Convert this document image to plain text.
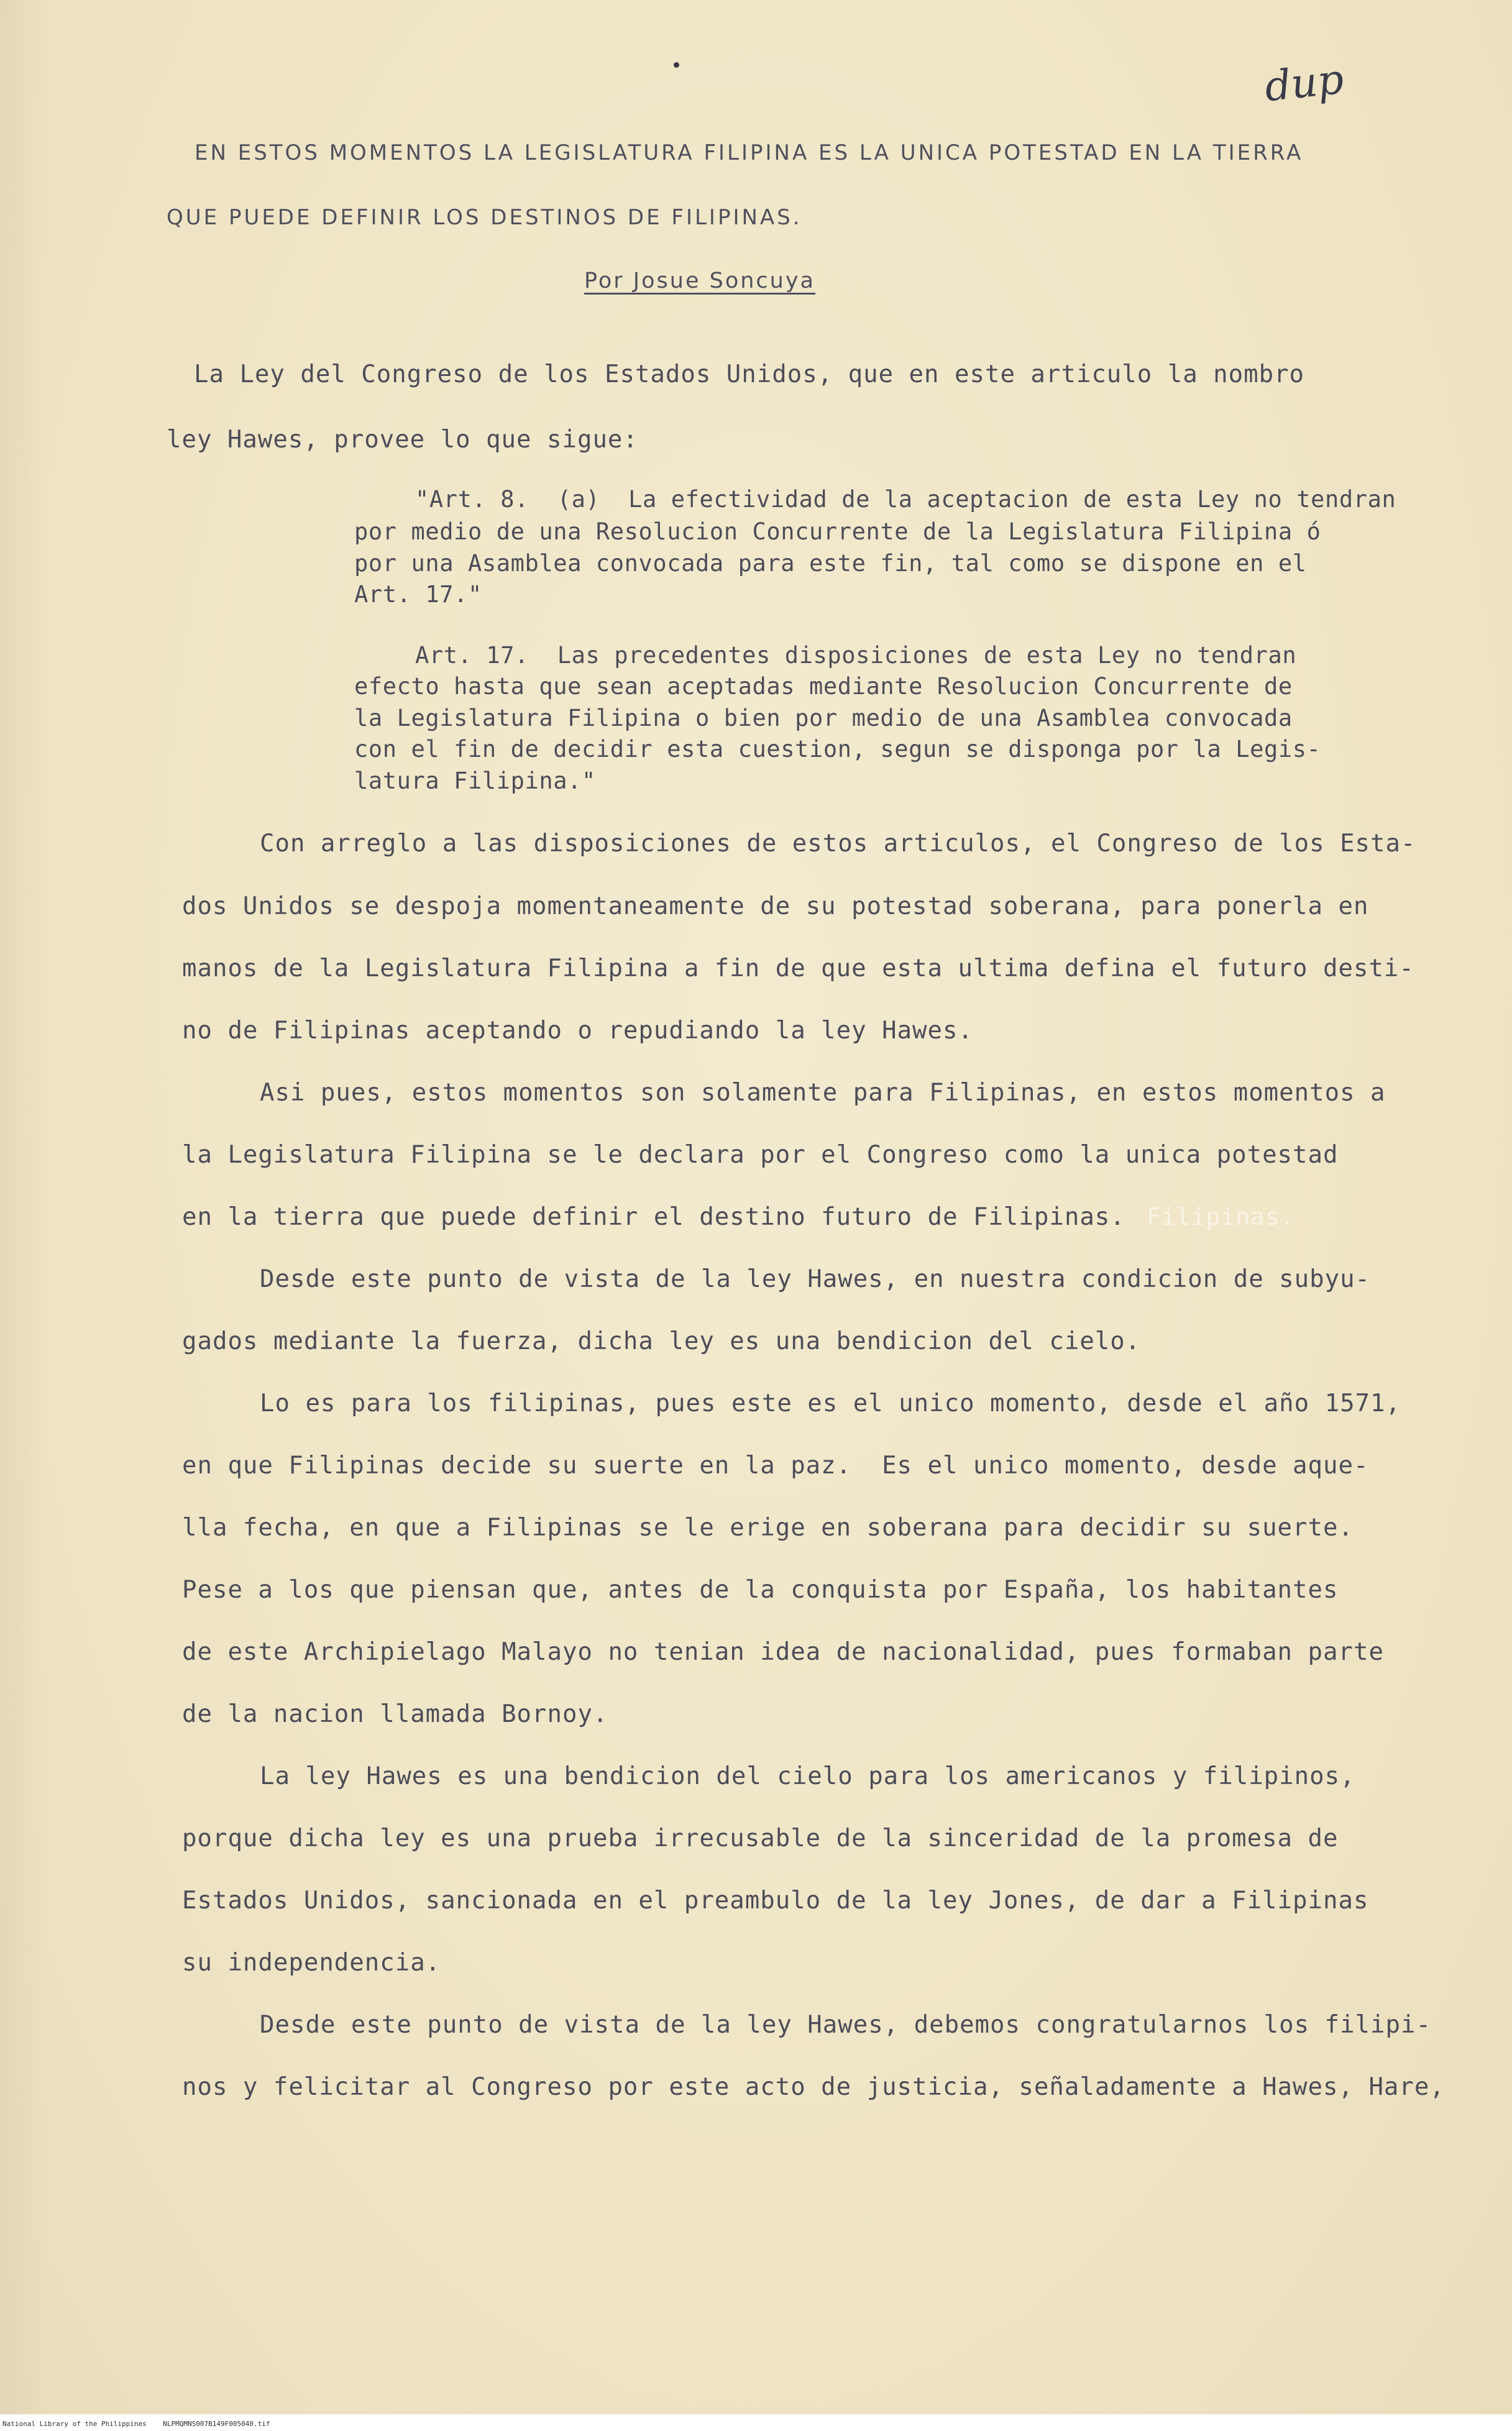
dup
EN ESTOS MOMENTOS LA LEGISLATURA FILIPINA ES LA UNICA POTESTAD EN LA TIERRA
QUE PUEDE DEFINIR LOS DESTINOS DE FILIPINAS.
Por Josue Soncuya
La Ley del Congreso de los Estados Unidos, que en este articulo la nombro
ley Hawes, provee lo que sigue:
"Art. 8.  (a)  La efectividad de la aceptacion de esta Ley no tendran
por medio de una Resolucion Concurrente de la Legislatura Filipina ó
por una Asamblea convocada para este fin, tal como se dispone en el
Art. 17."
Art. 17.  Las precedentes disposiciones de esta Ley no tendran
efecto hasta que sean aceptadas mediante Resolucion Concurrente de
la Legislatura Filipina o bien por medio de una Asamblea convocada
con el fin de decidir esta cuestion, segun se disponga por la Legis-
latura Filipina."
Con arreglo a las disposiciones de estos articulos, el Congreso de los Esta-
dos Unidos se despoja momentaneamente de su potestad soberana, para ponerla en
manos de la Legislatura Filipina a fin de que esta ultima defina el futuro desti-
no de Filipinas aceptando o repudiando la ley Hawes.
Asi pues, estos momentos son solamente para Filipinas, en estos momentos a
la Legislatura Filipina se le declara por el Congreso como la unica potestad
en la tierra que puede definir el destino futuro de Filipinas. Filipinas.
Desde este punto de vista de la ley Hawes, en nuestra condicion de subyu-
gados mediante la fuerza, dicha ley es una bendicion del cielo.
Lo es para los filipinas, pues este es el unico momento, desde el año 1571,
en que Filipinas decide su suerte en la paz.  Es el unico momento, desde aque-
lla fecha, en que a Filipinas se le erige en soberana para decidir su suerte.
Pese a los que piensan que, antes de la conquista por España, los habitantes
de este Archipielago Malayo no tenian idea de nacionalidad, pues formaban parte
de la nacion llamada Bornoy.
La ley Hawes es una bendicion del cielo para los americanos y filipinos,
porque dicha ley es una prueba irrecusable de la sinceridad de la promesa de
Estados Unidos, sancionada en el preambulo de la ley Jones, de dar a Filipinas
su independencia.
Desde este punto de vista de la ley Hawes, debemos congratularnos los filipi-
nos y felicitar al Congreso por este acto de justicia, señaladamente a Hawes, Hare,
National Library of the Philippines    NLPMQMNS007B149F005040.tif
